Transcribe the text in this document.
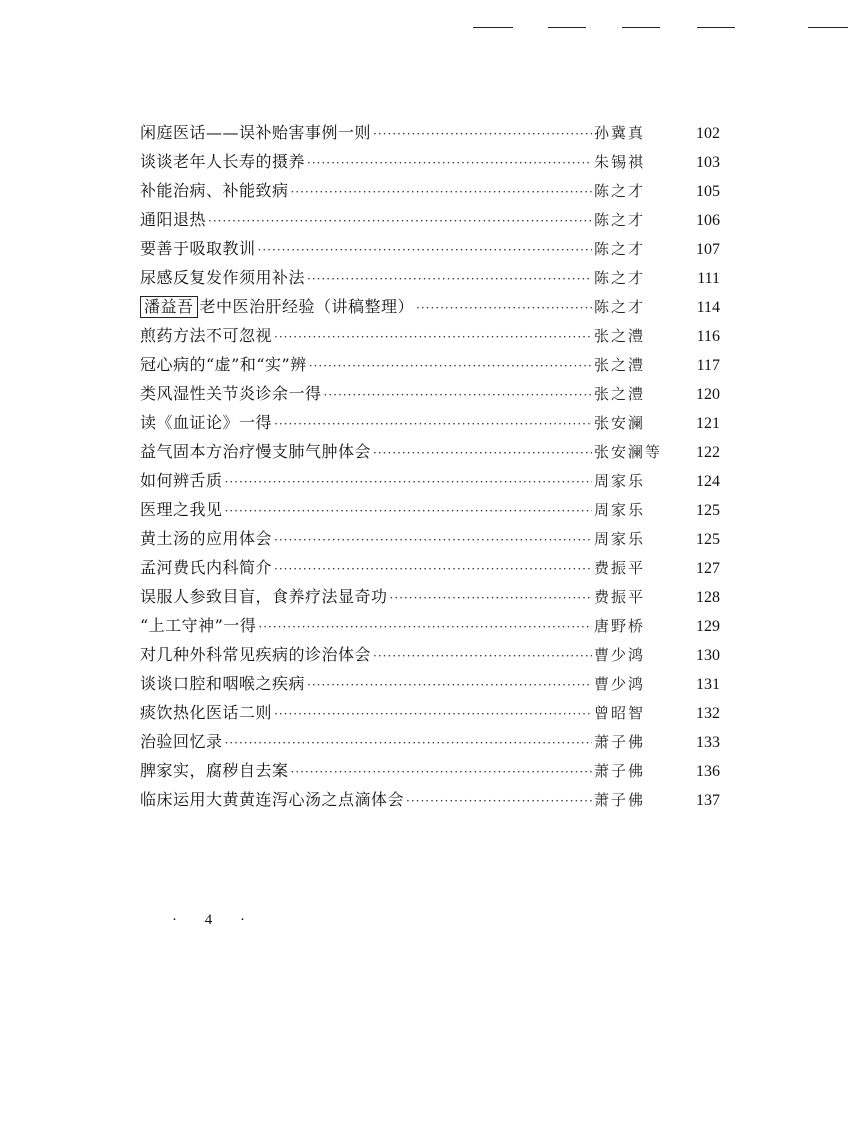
闲庭医话——误补贻害事例一则 ·····	孙冀真	102
谈谈老年人长寿的摄养 ·····	朱锡祺	103
补能治病、补能致病 ·····	陈之才	105
通阳退热 ·····	陈之才	106
要善于吸取教训 ·····	陈之才	107
尿感反复发作须用补法 ·····	陈之才	111
潘益吾 老中医治肝经验（讲稿整理） ·····	陈之才	114
煎药方法不可忽视 ·····	张之澧	116
冠心病的“虚”和“实”辨 ·····	张之澧	117
类风湿性关节炎诊余一得 ·····	张之澧	120
读《血证论》一得 ·····	张安澜	121
益气固本方治疗慢支肺气肿体会 ·····	张安澜等	122
如何辨舌质 ·····	周家乐	124
医理之我见 ·····	周家乐	125
黄土汤的应用体会 ·····	周家乐	125
孟河费氏内科简介 ·····	费振平	127
误服人参致目盲，食养疗法显奇功 ·····	费振平	128
“上工守神”一得 ·····	唐野桥	129
对几种外科常见疾病的诊治体会 ·····	曹少鸿	130
谈谈口腔和咽喉之疾病 ·····	曹少鸿	131
痰饮热化医话二则 ·····	曾昭智	132
治验回忆录 ·····	萧子佛	133
脾家实，腐秽自去案 ·····	萧子佛	136
临床运用大黄黄连泻心汤之点滴体会 ·····	萧子佛	137
· 4 ·
